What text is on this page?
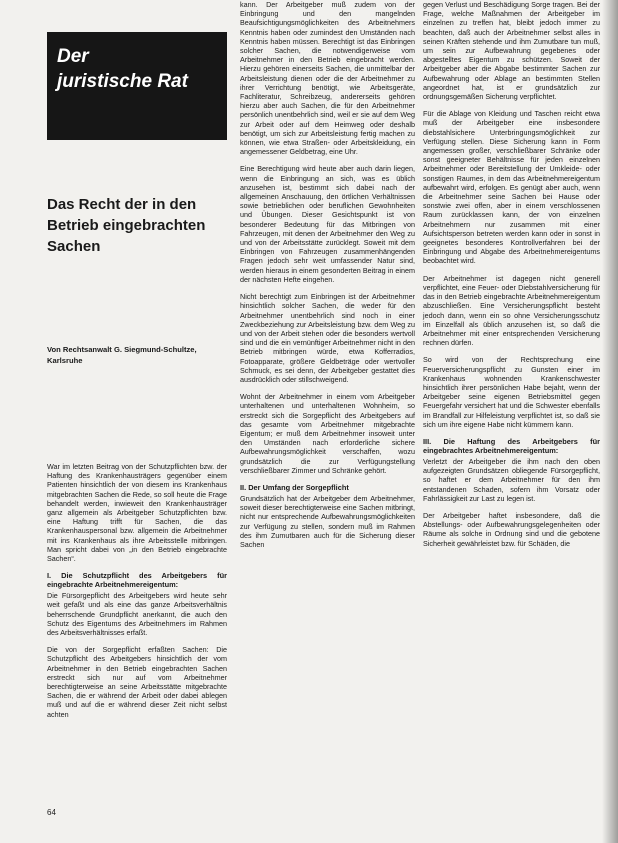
Der
juristische Rat
Das Recht der in den Betrieb eingebrachten Sachen

Von Rechtsanwalt G. Siegmund-Schultze, Karlsruhe

War im letzten Beitrag von der Schutzpflichten bzw. der Haftung des Krankenhausträgers gegenüber einem Patienten hinsichtlich der von diesem ins Krankenhaus mitgebrachten Sachen die Rede, so soll heute die Frage behandelt werden, inwieweit den Krankenhausträger ganz allgemein als Arbeitgeber Schutzpflichten bzw. eine Haftung trifft für Sachen, die das Krankenhauspersonal bzw. allgemein die Arbeitnehmer mit ins Krankenhaus als ihre Arbeitsstelle mitbringen. Man spricht dabei von „in den Betrieb eingebrachte Sachen“.

I. Die Schutzpflicht des Arbeitgebers für eingebrachte Arbeitnehmereigentum:

Die Fürsorgepflicht des Arbeitgebers wird heute sehr weit gefaßt und als eine das ganze Arbeitsverhältnis beherrschende Grundpflicht anerkannt, die auch den Schutz des Eigentums des Arbeitnehmers im Rahmen des Arbeitsverhältnisses erfaßt.

Die von der Sorgepflicht erfaßten Sachen: Die Schutzpflicht des Arbeitgebers hinsichtlich der vom Arbeitnehmer in den Betrieb eingebrachten Sachen erstreckt sich nur auf vom Arbeitnehmer berechtigterweise an seine Arbeitsstätte mitgebrachte Sachen, die er während der Arbeit oder dabei ablegen muß und auf die er während dieser Zeit nicht selbst achten

kann. Der Arbeitgeber muß zudem von der Einbringung und den mangelnden Beaufsichtigungsmöglichkeiten des Arbeitnehmers Kenntnis haben oder zumindest den Umständen nach Kenntnis haben müssen. Berechtigt ist das Einbringen solcher Sachen, die notwendigerweise vom Arbeitnehmer in den Betrieb eingebracht werden. Hierzu gehören einerseits Sachen, die unmittelbar der Arbeitsleistung dienen oder die der Arbeitnehmer zu ihrer Verrichtung benötigt, wie Arbeitsgeräte, Fachliteratur, Schreibzeug, andererseits gehören hierzu aber auch Sachen, die für den Arbeitnehmer persönlich unentbehrlich sind, weil er sie auf dem Weg zur Arbeit oder auf dem Heimweg oder deshalb benötigt, um sich zur Arbeitsleistung fertig machen zu können, wie etwa Straßen- oder Arbeitskleidung, ein angemessener Geldbetrag, eine Uhr.

Eine Berechtigung wird heute aber auch darin liegen, wenn die Einbringung an sich, was es üblich anzusehen ist, bestimmt sich dabei nach der allgemeinen Anschauung, den örtlichen Verhältnissen sowie betrieblichen oder beruflichen Gewohnheiten und Übungen. Dieser Gesichtspunkt ist von besonderer Bedeutung für das Mitbringen von Fahrzeugen, mit denen der Arbeitnehmer den Weg zu und von der Arbeitsstätte zurücklegt. Soweit mit dem Einbringen von Fahrzeugen zusammenhängenden Fragen jedoch sehr weit umfassender Natur sind, werden hieraus in einem gesonderten Beitrag in einem der nächsten Hefte eingehen.

Nicht berechtigt zum Einbringen ist der Arbeitnehmer hinsichtlich solcher Sachen, die weder für den Arbeitnehmer unentbehrlich sind noch in einer Zweckbeziehung zur Arbeitsleistung bzw. dem Weg zu und von der Arbeit stehen oder die besonders wertvoll sind und die ein vernünftiger Arbeitnehmer nicht in den Betrieb mitbringen würde, etwa Kofferradios, Fotoapparate, größere Geldbeträge oder wertvoller Schmuck, es sei denn, der Arbeitgeber gestattet dies ausdrücklich oder stillschweigend.

Wohnt der Arbeitnehmer in einem vom Arbeitgeber unterhaltenen und unterhaltenen Wohnheim, so erstreckt sich die Sorgepflicht des Arbeitgebers auf das gesamte vom Arbeitnehmer mitgebrachte Eigentum; er muß dem Arbeitnehmer insoweit unter den Umständen nach erforderliche sichere Aufbewahrungsmöglichkeit verschaffen, wozu grundsätzlich die zur Verfügungstellung verschließbarer Zimmer und Schränke gehört.

II. Der Umfang der Sorgepflicht

Grundsätzlich hat der Arbeitgeber dem Arbeitnehmer, soweit dieser berechtigterweise eine Sachen mitbringt, nicht nur entsprechende Aufbewahrungsmöglichkeiten zur Verfügung zu stellen, sondern muß im Rahmen des ihm Zumutbaren auch für die Sicherung dieser Sachen

gegen Verlust und Beschädigung Sorge tragen. Bei der Frage, welche Maßnahmen der Arbeitgeber im einzelnen zu treffen hat, bleibt jedoch immer zu beachten, daß auch der Arbeitnehmer selbst alles in seinen Kräften stehende und ihm Zumutbare tun muß, um sein zur Aufbewahrung gegebenes oder abgestelltes Eigentum zu schützen. Soweit der Arbeitgeber aber die Abgabe bestimmter Sachen zur Aufbewahrung oder Ablage an bestimmten Stellen angeordnet hat, ist er grundsätzlich zur ordnungsgemäßen Sicherung verpflichtet.

Für die Ablage von Kleidung und Taschen reicht etwa muß der Arbeitgeber eine insbesondere diebstahlsichere Unterbringungsmöglichkeit zur Verfügung stellen. Diese Sicherung kann in Form angemessen großer, verschließbarer Schränke oder sonst geeigneter Behältnisse für jeden einzelnen Arbeitnehmer oder Bereitstellung der Umkleide- oder sonstigen Raumes, in dem das Arbeitnehmereigentum aufbewahrt wird, erfolgen. Es genügt aber auch, wenn die Arbeitnehmer seine Sachen bei Hause oder sonstwie zwei offen, aber in einem verschlossenen Raum zurücklassen kann, der von einzelnen Arbeitnehmern nur zusammen mit einer Aufsichtsperson betreten werden kann oder in sonst in geeignetes besonderes Kontrollverfahren bei der Einbringung und Abgabe des Arbeitnehmereigentums beobachtet wird.

Der Arbeitnehmer ist dagegen nicht generell verpflichtet, eine Feuer- oder Diebstahlversicherung für das in den Betrieb eingebrachte Arbeitnehmereigentum abzuschließen. Eine Versicherungspflicht besteht jedoch dann, wenn ein so ohne Versicherungsschutz im Einzelfall als üblich anzusehen ist, so daß die Arbeitnehmer mit einer entsprechenden Versicherung rechnen dürfen.

So wird von der Rechtsprechung eine Feuerversicherungspflicht zu Gunsten einer im Krankenhaus wohnenden Krankenschwester hinsichtlich ihrer persönlichen Habe bejaht, wenn der Arbeitgeber seine eigenen Betriebsmittel gegen Feuergefahr versichert hat und die Schwester ebenfalls im Brandfall zur Hilfeleistung verpflichtet ist, so daß sie sich um ihre eigene Habe nicht kümmern kann.

III. Die Haftung des Arbeitgebers für eingebrachtes Arbeitnehmereigentum:

Verletzt der Arbeitgeber die ihm nach den oben aufgezeigten Grundsätzen obliegende Fürsorgepflicht, so haftet er dem Arbeitnehmer für den ihm entstandenen Schaden, sofern ihm Vorsatz oder Fahrlässigkeit zur Last zu legen ist.

Der Arbeitgeber haftet insbesondere, daß die Abstellungs- oder Aufbewahrungsgelegenheiten oder Räume als solche in Ordnung sind und die gebotene Sicherheit gewährleistet bzw. für Schäden, die

64
